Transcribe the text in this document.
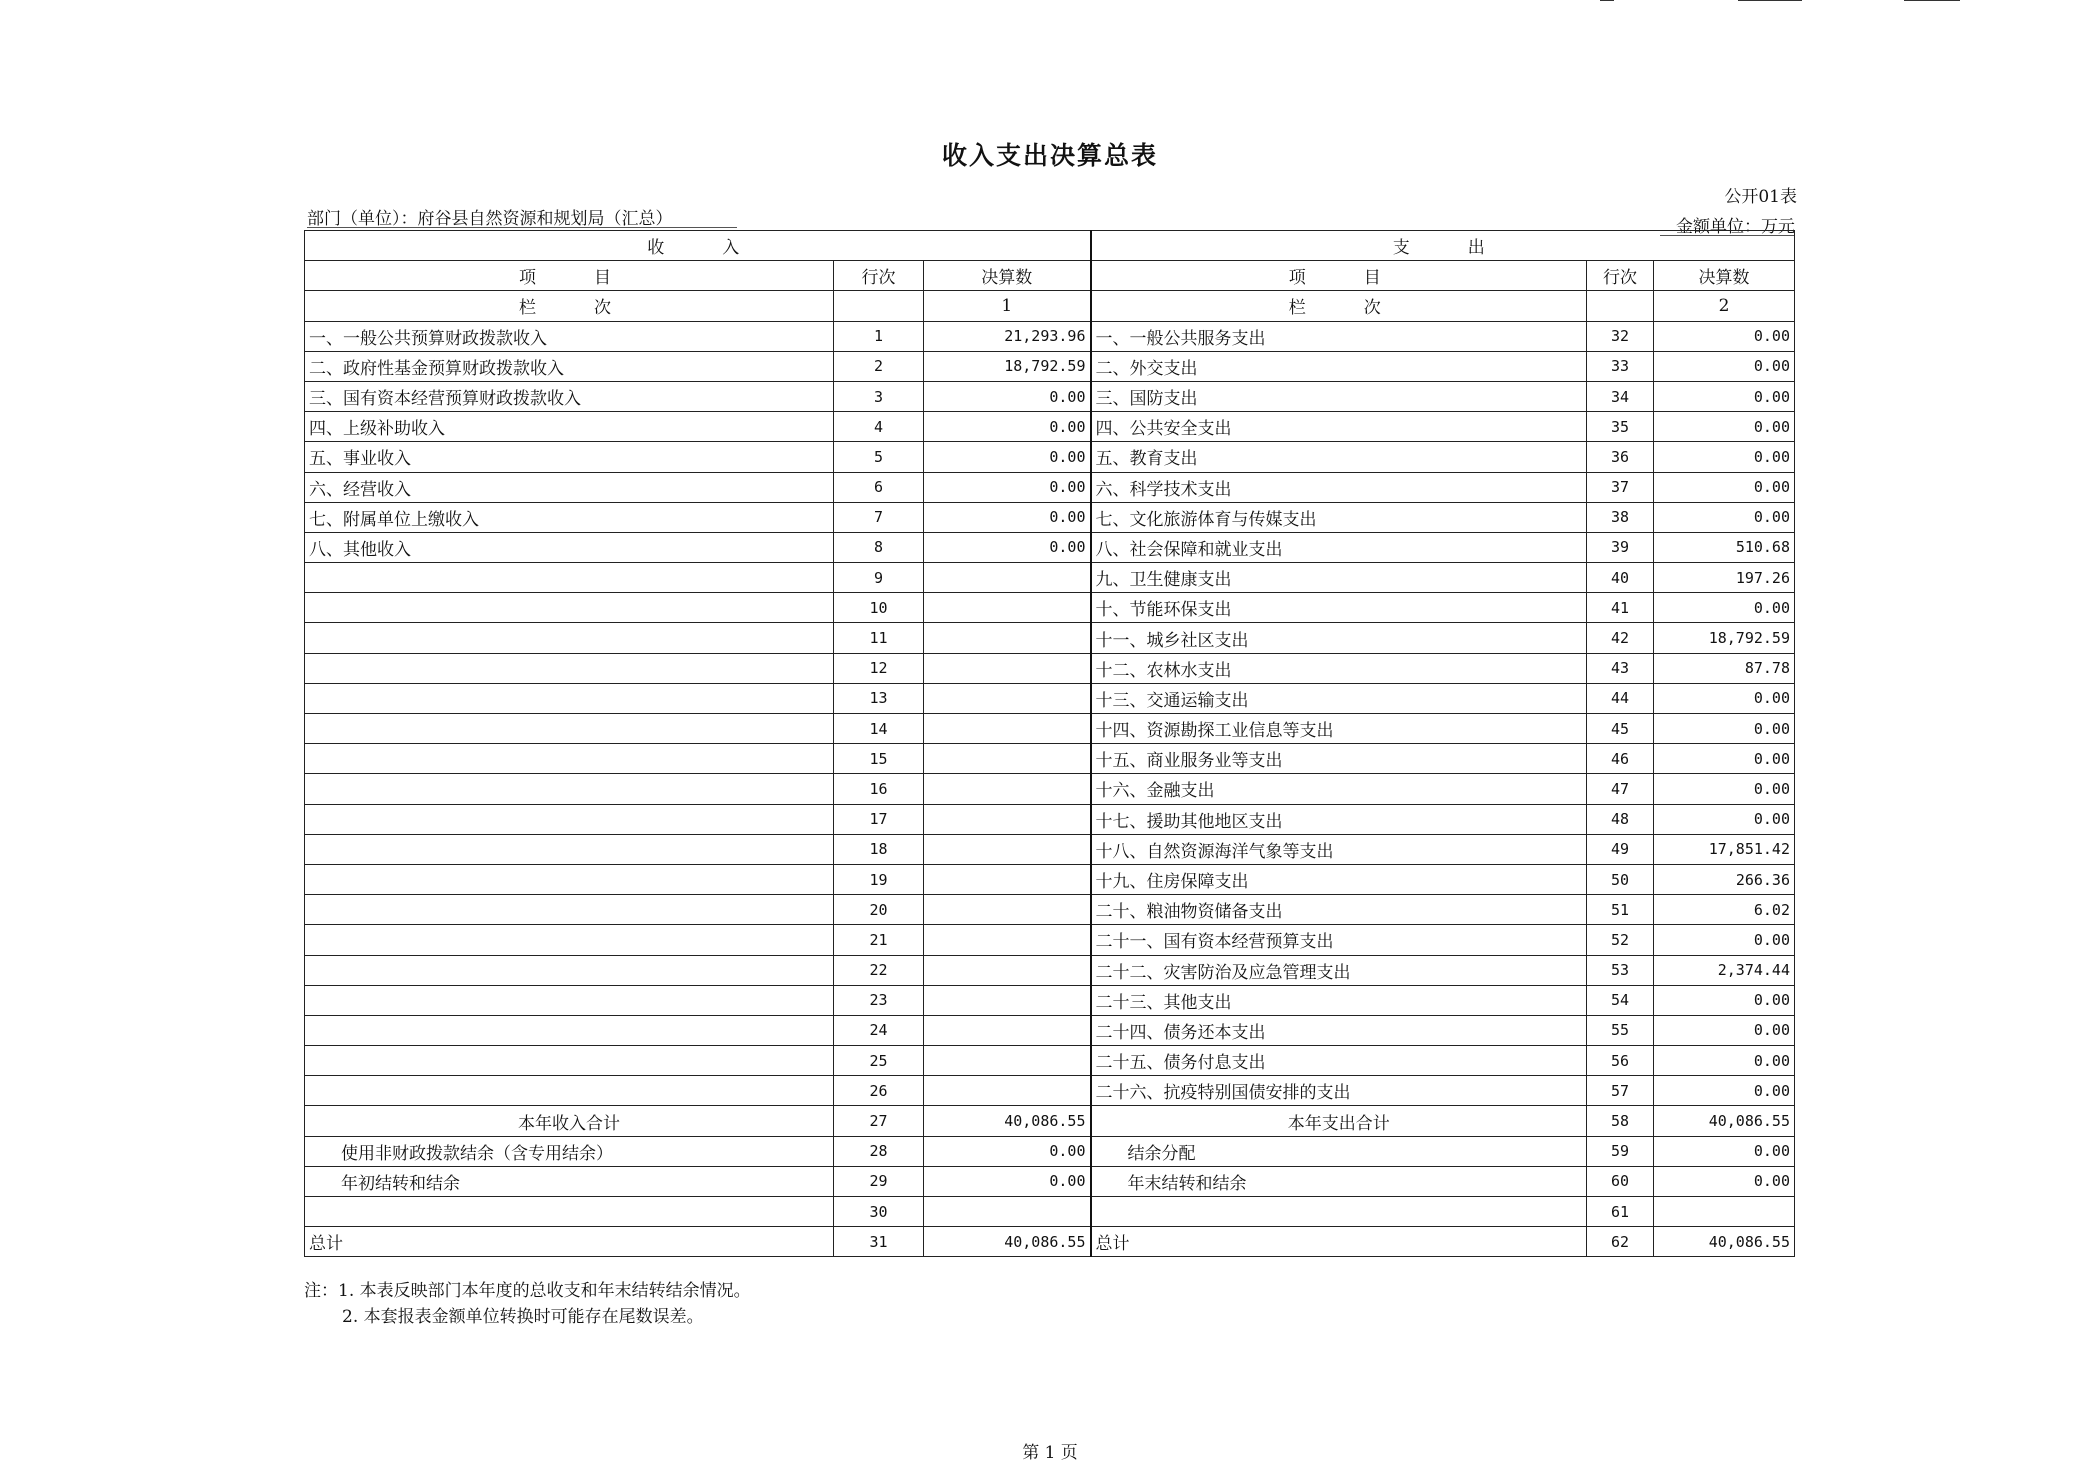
收入支出决算总表
公开01表
部门（单位）：府谷县自然资源和规划局（汇总）	金额单位：万元
收　　入			支　　出		
项　　目	行次	决算数	项　　目	行次	决算数
栏　　次		1	栏　　次		2
一、一般公共预算财政拨款收入	1	21,293.96	一、一般公共服务支出	32	0.00
二、政府性基金预算财政拨款收入	2	18,792.59	二、外交支出	33	0.00
三、国有资本经营预算财政拨款收入	3	0.00	三、国防支出	34	0.00
四、上级补助收入	4	0.00	四、公共安全支出	35	0.00
五、事业收入	5	0.00	五、教育支出	36	0.00
六、经营收入	6	0.00	六、科学技术支出	37	0.00
七、附属单位上缴收入	7	0.00	七、文化旅游体育与传媒支出	38	0.00
八、其他收入	8	0.00	八、社会保障和就业支出	39	510.68
	9		九、卫生健康支出	40	197.26
	10		十、节能环保支出	41	0.00
	11		十一、城乡社区支出	42	18,792.59
	12		十二、农林水支出	43	87.78
	13		十三、交通运输支出	44	0.00
	14		十四、资源勘探工业信息等支出	45	0.00
	15		十五、商业服务业等支出	46	0.00
	16		十六、金融支出	47	0.00
	17		十七、援助其他地区支出	48	0.00
	18		十八、自然资源海洋气象等支出	49	17,851.42
	19		十九、住房保障支出	50	266.36
	20		二十、粮油物资储备支出	51	6.02
	21		二十一、国有资本经营预算支出	52	0.00
	22		二十二、灾害防治及应急管理支出	53	2,374.44
	23		二十三、其他支出	54	0.00
	24		二十四、债务还本支出	55	0.00
	25		二十五、债务付息支出	56	0.00
	26		二十六、抗疫特别国债安排的支出	57	0.00
本年收入合计	27	40,086.55	本年支出合计	58	40,086.55
使用非财政拨款结余（含专用结余）	28	0.00	结余分配	59	0.00
年初结转和结余	29	0.00	年末结转和结余	60	0.00
	30			61	
总计	31	40,086.55	总计	62	40,086.55
注：1. 本表反映部门本年度的总收支和年末结转结余情况。
2. 本套报表金额单位转换时可能存在尾数误差。
第 1 页
